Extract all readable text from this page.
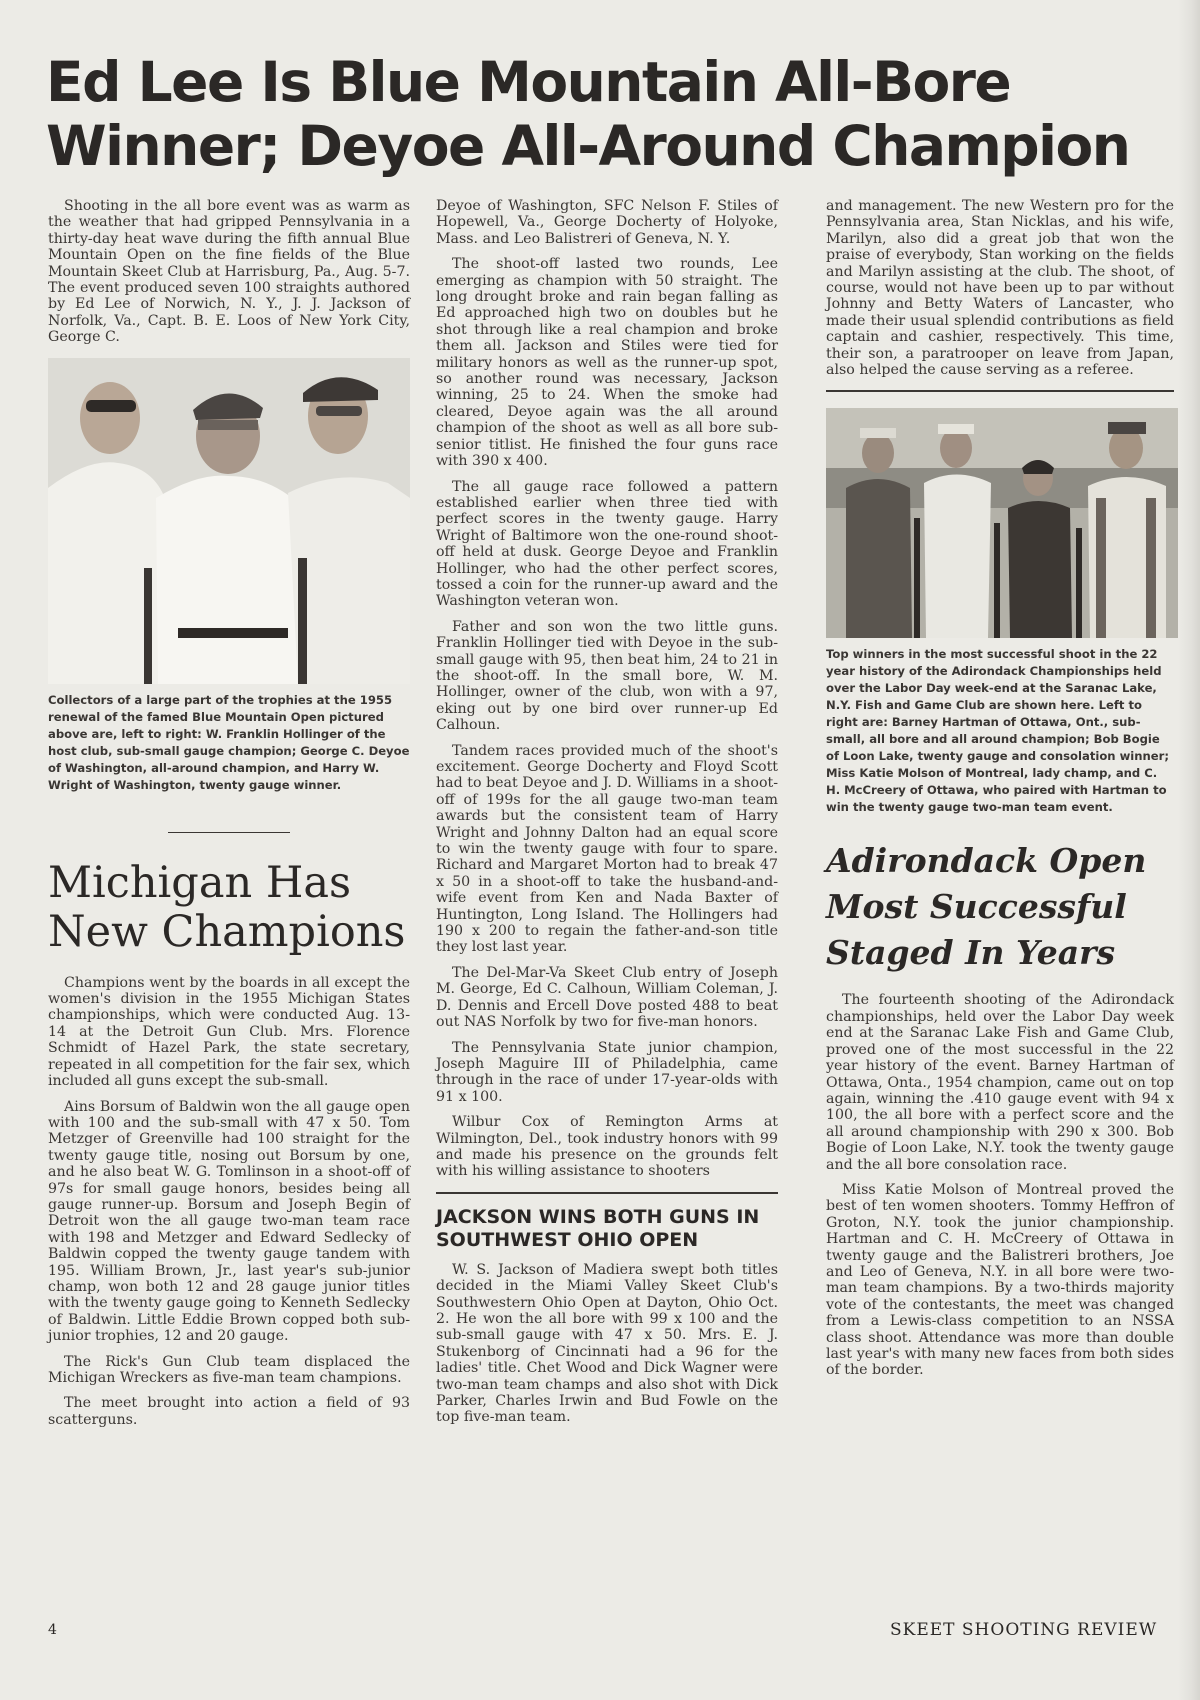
Ed Lee Is Blue Mountain All-Bore Winner; Deyoe All-Around Champion

Shooting in the all bore event was as warm as the weather that had gripped Pennsylvania in a thirty-day heat wave during the fifth annual Blue Mountain Open on the fine fields of the Blue Mountain Skeet Club at Harrisburg, Pa., Aug. 5-7. The event produced seven 100 straights authored by Ed Lee of Norwich, N. Y., J. J. Jackson of Norfolk, Va., Capt. B. E. Loos of New York City, George C.

Collectors of a large part of the trophies at the 1955 renewal of the famed Blue Mountain Open pictured above are, left to right: W. Franklin Hollinger of the host club, sub-small gauge champion; George C. Deyoe of Washington, all-around champion, and Harry W. Wright of Washington, twenty gauge winner.

Michigan Has New Champions

Champions went by the boards in all except the women's division in the 1955 Michigan States championships, which were conducted Aug. 13-14 at the Detroit Gun Club. Mrs. Florence Schmidt of Hazel Park, the state secretary, repeated in all competition for the fair sex, which included all guns except the sub-small.

Ains Borsum of Baldwin won the all gauge open with 100 and the sub-small with 47 x 50. Tom Metzger of Greenville had 100 straight for the twenty gauge title, nosing out Borsum by one, and he also beat W. G. Tomlinson in a shoot-off of 97s for small gauge honors, besides being all gauge runner-up. Borsum and Joseph Begin of Detroit won the all gauge two-man team race with 198 and Metzger and Edward Sedlecky of Baldwin copped the twenty gauge tandem with 195. William Brown, Jr., last year's sub-junior champ, won both 12 and 28 gauge junior titles with the twenty gauge going to Kenneth Sedlecky of Baldwin. Little Eddie Brown copped both sub-junior trophies, 12 and 20 gauge.

The Rick's Gun Club team displaced the Michigan Wreckers as five-man team champions.

The meet brought into action a field of 93 scatterguns.

Deyoe of Washington, SFC Nelson F. Stiles of Hopewell, Va., George Docherty of Holyoke, Mass. and Leo Balistreri of Geneva, N. Y.

The shoot-off lasted two rounds, Lee emerging as champion with 50 straight. The long drought broke and rain began falling as Ed approached high two on doubles but he shot through like a real champion and broke them all. Jackson and Stiles were tied for military honors as well as the runner-up spot, so another round was necessary, Jackson winning, 25 to 24. When the smoke had cleared, Deyoe again was the all around champion of the shoot as well as all bore sub-senior titlist. He finished the four guns race with 390 x 400.

The all gauge race followed a pattern established earlier when three tied with perfect scores in the twenty gauge. Harry Wright of Baltimore won the one-round shoot-off held at dusk. George Deyoe and Franklin Hollinger, who had the other perfect scores, tossed a coin for the runner-up award and the Washington veteran won.

Father and son won the two little guns. Franklin Hollinger tied with Deyoe in the sub-small gauge with 95, then beat him, 24 to 21 in the shoot-off. In the small bore, W. M. Hollinger, owner of the club, won with a 97, eking out by one bird over runner-up Ed Calhoun.

Tandem races provided much of the shoot's excitement. George Docherty and Floyd Scott had to beat Deyoe and J. D. Williams in a shoot-off of 199s for the all gauge two-man team awards but the consistent team of Harry Wright and Johnny Dalton had an equal score to win the twenty gauge with four to spare. Richard and Margaret Morton had to break 47 x 50 in a shoot-off to take the husband-and-wife event from Ken and Nada Baxter of Huntington, Long Island. The Hollingers had 190 x 200 to regain the father-and-son title they lost last year.

The Del-Mar-Va Skeet Club entry of Joseph M. George, Ed C. Calhoun, William Coleman, J. D. Dennis and Ercell Dove posted 488 to beat out NAS Norfolk by two for five-man honors.

The Pennsylvania State junior champion, Joseph Maguire III of Philadelphia, came through in the race of under 17-year-olds with 91 x 100.

Wilbur Cox of Remington Arms at Wilmington, Del., took industry honors with 99 and made his presence on the grounds felt with his willing assistance to shooters

JACKSON WINS BOTH GUNS IN SOUTHWEST OHIO OPEN

W. S. Jackson of Madiera swept both titles decided in the Miami Valley Skeet Club's Southwestern Ohio Open at Dayton, Ohio Oct. 2. He won the all bore with 99 x 100 and the sub-small gauge with 47 x 50. Mrs. E. J. Stukenborg of Cincinnati had a 96 for the ladies' title. Chet Wood and Dick Wagner were two-man team champs and also shot with Dick Parker, Charles Irwin and Bud Fowle on the top five-man team.

and management. The new Western pro for the Pennsylvania area, Stan Nicklas, and his wife, Marilyn, also did a great job that won the praise of everybody, Stan working on the fields and Marilyn assisting at the club. The shoot, of course, would not have been up to par without Johnny and Betty Waters of Lancaster, who made their usual splendid contributions as field captain and cashier, respectively. This time, their son, a paratrooper on leave from Japan, also helped the cause serving as a referee.

Top winners in the most successful shoot in the 22 year history of the Adirondack Championships held over the Labor Day week-end at the Saranac Lake, N.Y. Fish and Game Club are shown here. Left to right are: Barney Hartman of Ottawa, Ont., sub-small, all bore and all around champion; Bob Bogie of Loon Lake, twenty gauge and consolation winner; Miss Katie Molson of Montreal, lady champ, and C. H. McCreery of Ottawa, who paired with Hartman to win the twenty gauge two-man team event.

Adirondack Open Most Successful Staged In Years

The fourteenth shooting of the Adirondack championships, held over the Labor Day week end at the Saranac Lake Fish and Game Club, proved one of the most successful in the 22 year history of the event. Barney Hartman of Ottawa, Onta., 1954 champion, came out on top again, winning the .410 gauge event with 94 x 100, the all bore with a perfect score and the all around championship with 290 x 300. Bob Bogie of Loon Lake, N.Y. took the twenty gauge and the all bore consolation race.

Miss Katie Molson of Montreal proved the best of ten women shooters. Tommy Heffron of Groton, N.Y. took the junior championship. Hartman and C. H. McCreery of Ottawa in twenty gauge and the Balistreri brothers, Joe and Leo of Geneva, N.Y. in all bore were two-man team champions. By a two-thirds majority vote of the contestants, the meet was changed from a Lewis-class competition to an NSSA class shoot. Attendance was more than double last year's with many new faces from both sides of the border.

4	SKEET SHOOTING REVIEW
